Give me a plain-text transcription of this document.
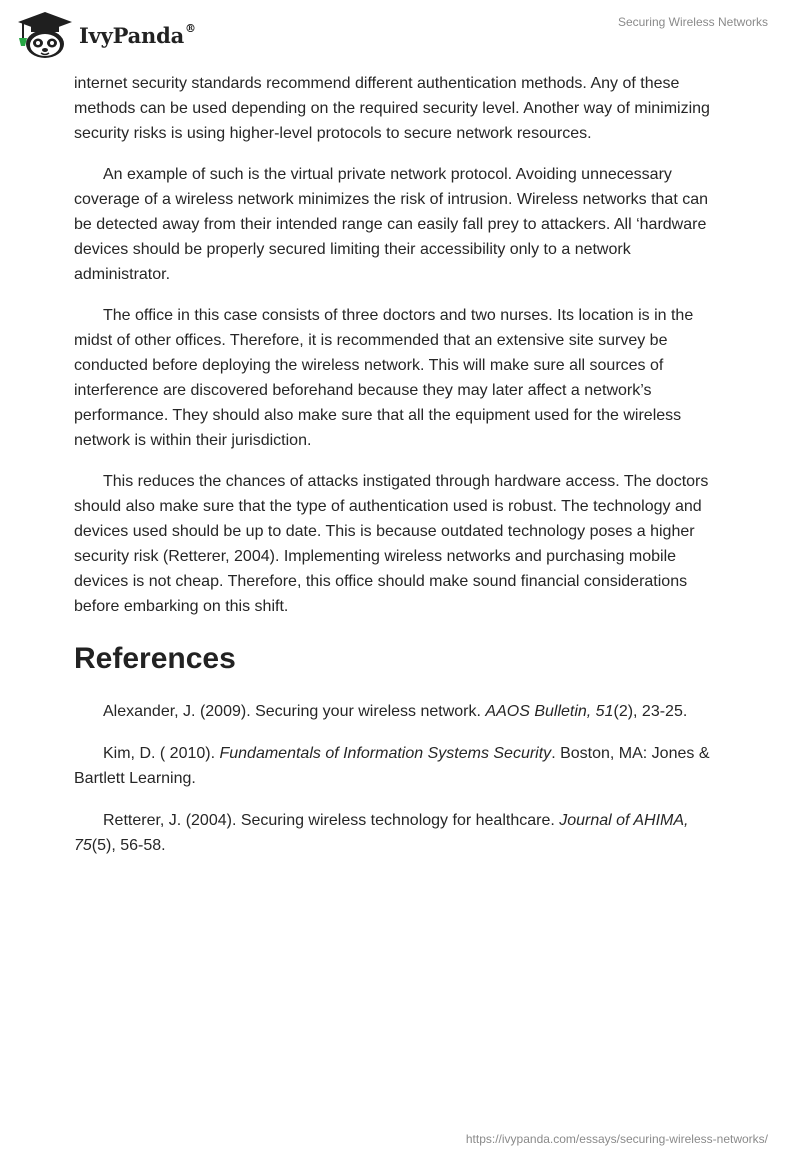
IvyPanda®	Securing Wireless Networks

internet security standards recommend different authentication methods. Any of these methods can be used depending on the required security level. Another way of minimizing security risks is using higher-level protocols to secure network resources.

An example of such is the virtual private network protocol. Avoiding unnecessary coverage of a wireless network minimizes the risk of intrusion. Wireless networks that can be detected away from their intended range can easily fall prey to attackers. All ‘hardware devices should be properly secured limiting their accessibility only to a network administrator.

The office in this case consists of three doctors and two nurses. Its location is in the midst of other offices. Therefore, it is recommended that an extensive site survey be conducted before deploying the wireless network. This will make sure all sources of interference are discovered beforehand because they may later affect a network’s performance. They should also make sure that all the equipment used for the wireless network is within their jurisdiction.

This reduces the chances of attacks instigated through hardware access. The doctors should also make sure that the type of authentication used is robust. The technology and devices used should be up to date. This is because outdated technology poses a higher security risk (Retterer, 2004). Implementing wireless networks and purchasing mobile devices is not cheap. Therefore, this office should make sound financial considerations before embarking on this shift.

References

Alexander, J. (2009). Securing your wireless network. AAOS Bulletin, 51(2), 23-25.

Kim, D. ( 2010). Fundamentals of Information Systems Security. Boston, MA: Jones & Bartlett Learning.

Retterer, J. (2004). Securing wireless technology for healthcare. Journal of AHIMA, 75(5), 56-58.

https://ivypanda.com/essays/securing-wireless-networks/
